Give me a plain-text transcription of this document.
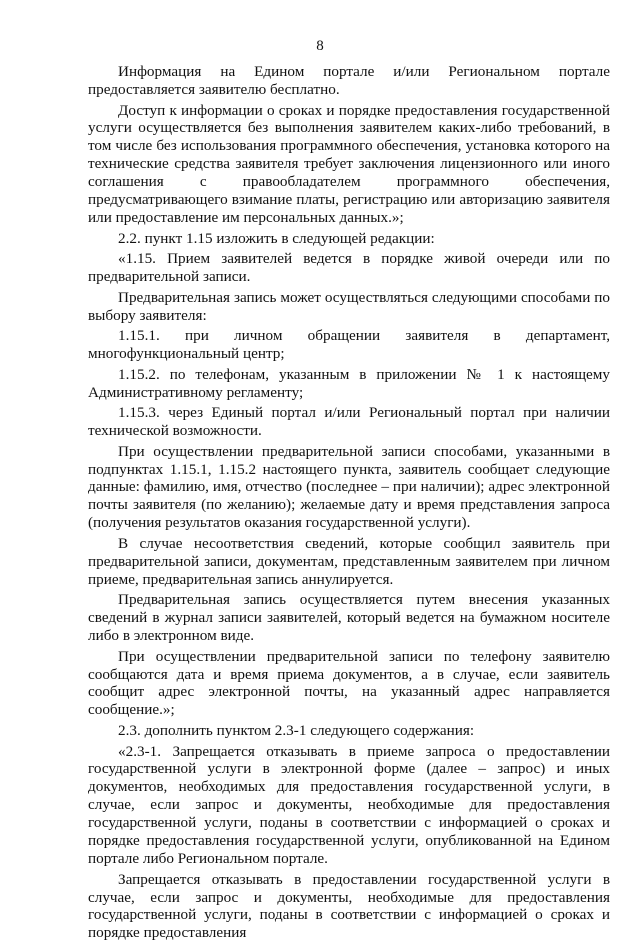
8

Информация на Едином портале и/или Региональном портале предоставляется заявителю бесплатно.

Доступ к информации о сроках и порядке предоставления государственной услуги осуществляется без выполнения заявителем каких-либо требований, в том числе без использования программного обеспечения, установка которого на технические средства заявителя требует заключения лицензионного или иного соглашения с правообладателем программного обеспечения, предусматривающего взимание платы, регистрацию или авторизацию заявителя или предоставление им персональных данных.»;

2.2. пункт 1.15 изложить в следующей редакции:

«1.15. Прием заявителей ведется в порядке живой очереди или по предварительной записи.

Предварительная запись может осуществляться следующими способами по выбору заявителя:

1.15.1. при личном обращении заявителя в департамент, многофункциональный центр;

1.15.2. по телефонам, указанным в приложении № 1 к настоящему Административному регламенту;

1.15.3. через Единый портал и/или Региональный портал при наличии технической возможности.

При осуществлении предварительной записи способами, указанными в подпунктах 1.15.1, 1.15.2 настоящего пункта, заявитель сообщает следующие данные: фамилию, имя, отчество (последнее – при наличии); адрес электронной почты заявителя (по желанию); желаемые дату и время представления запроса (получения результатов оказания государственной услуги).

В случае несоответствия сведений, которые сообщил заявитель при предварительной записи, документам, представленным заявителем при личном приеме, предварительная запись аннулируется.

Предварительная запись осуществляется путем внесения указанных сведений в журнал записи заявителей, который ведется на бумажном носителе либо в электронном виде.

При осуществлении предварительной записи по телефону заявителю сообщаются дата и время приема документов, а в случае, если заявитель сообщит адрес электронной почты, на указанный адрес направляется сообщение.»;

2.3. дополнить пунктом 2.3-1 следующего содержания:

«2.3-1. Запрещается отказывать в приеме запроса о предоставлении государственной услуги в электронной форме (далее – запрос) и иных документов, необходимых для предоставления государственной услуги, в случае, если запрос и документы, необходимые для предоставления государственной услуги, поданы в соответствии с информацией о сроках и порядке предоставления государственной услуги, опубликованной на Едином портале либо Региональном портале.

Запрещается отказывать в предоставлении государственной услуги в случае, если запрос и документы, необходимые для предоставления государственной услуги, поданы в соответствии с информацией о сроках и порядке предоставления
